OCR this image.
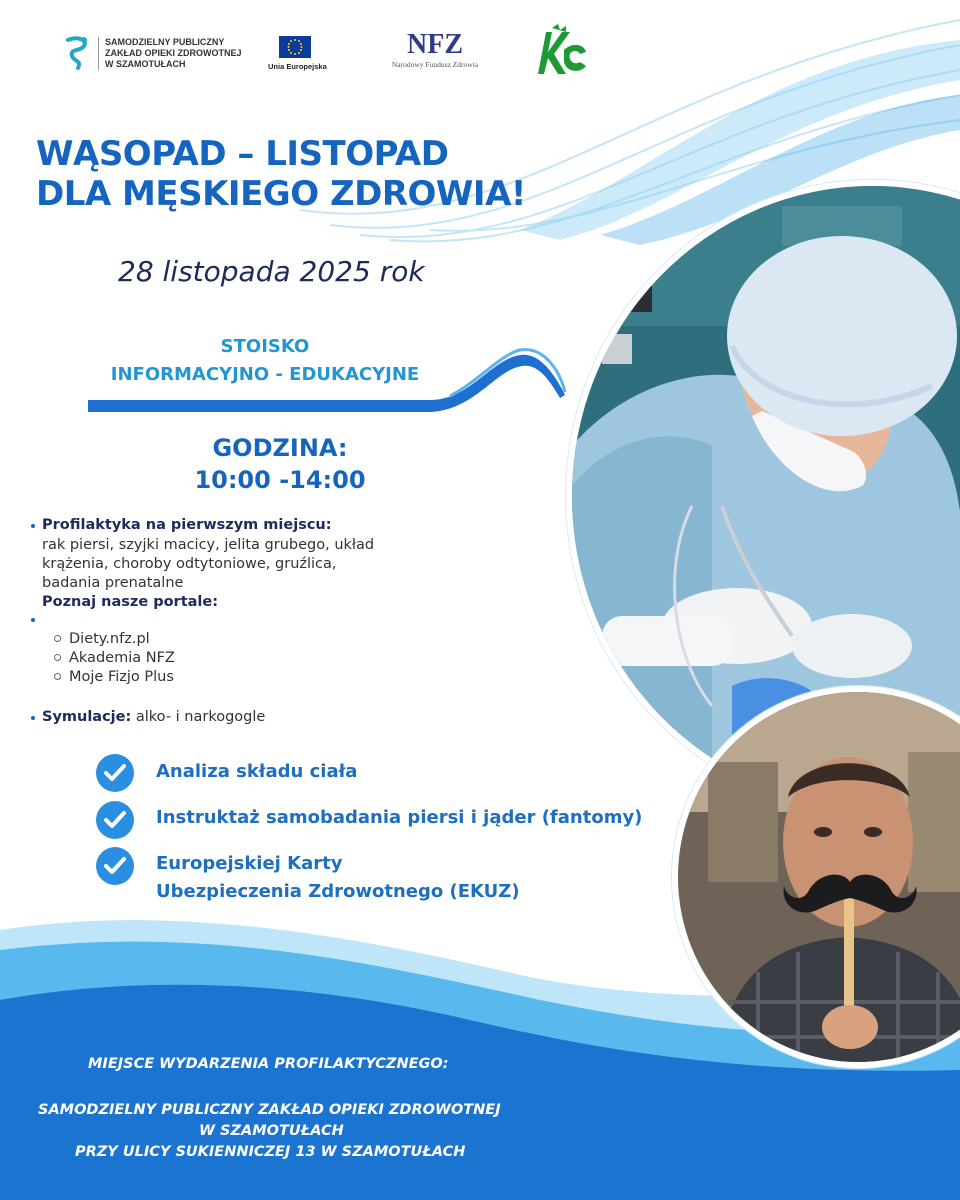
SAMODZIELNY PUBLICZNY
ZAKŁAD OPIEKI ZDROWOTNEJ
W SZAMOTUŁACH	Unia Europejska
NFZ
Narodowy Fundusz Zdrowia
WĄSOPAD – LISTOPAD
DLA MĘSKIEGO ZDROWIA!
28 listopada 2025 rok
STOISKO
INFORMACYJNO - EDUKACYJNE
GODZINA:
10:00 -14:00
Profilaktyka na pierwszym miejscu:
rak piersi, szyjki macicy, jelita grubego, układ
krążenia, choroby odtytoniowe, gruźlica,
badania prenatalne
Poznaj nasze portale:
Diety.nfz.pl
Akademia NFZ
Moje Fizjo Plus
Symulacje: alko- i narkogogle
Analiza składu ciała
Instruktaż samobadania piersi i jąder (fantomy)
Europejskiej Karty
Ubezpieczenia Zdrowotnego (EKUZ)
MIEJSCE WYDARZENIA PROFILAKTYCZNEGO:
SAMODZIELNY PUBLICZNY ZAKŁAD OPIEKI ZDROWOTNEJ
W SZAMOTUŁACH
PRZY ULICY SUKIENNICZEJ 13 W SZAMOTUŁACH
